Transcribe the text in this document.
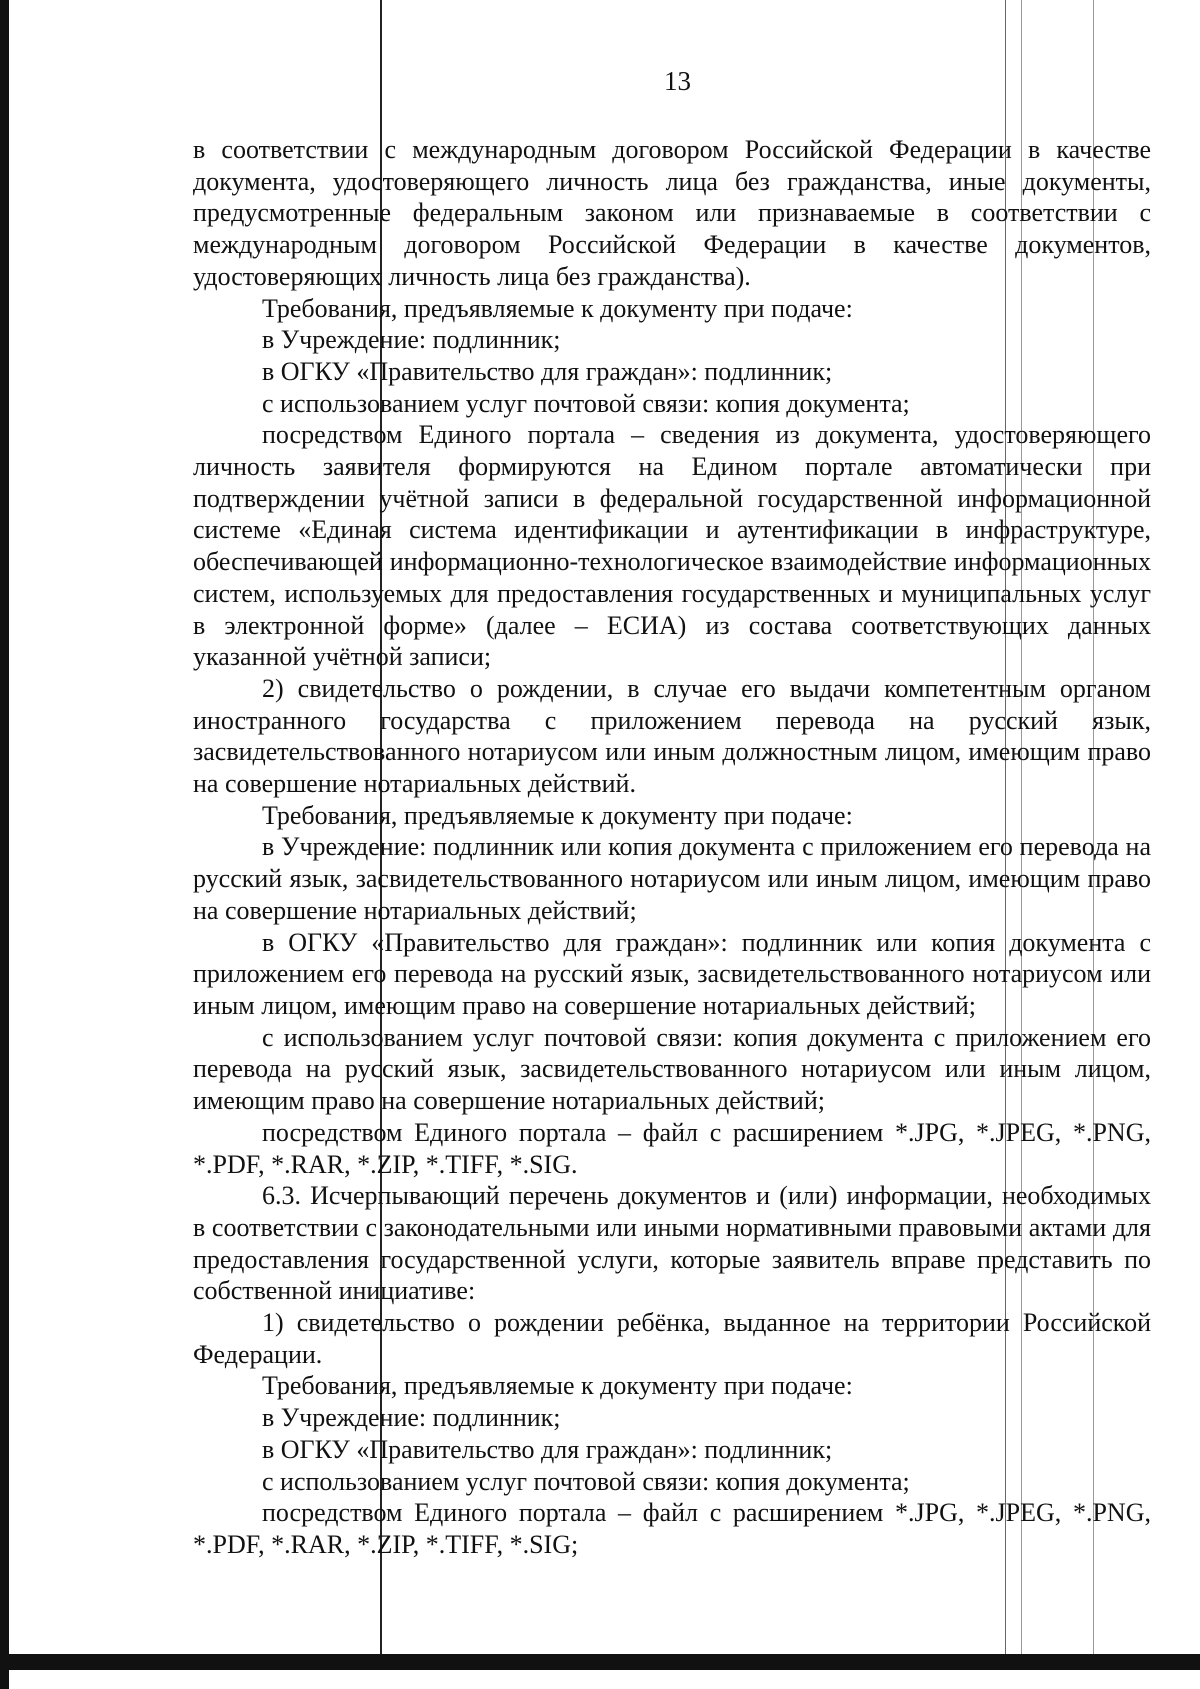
13

в соответствии с международным договором Российской Федерации в качестве документа, удостоверяющего личность лица без гражданства, иные документы, предусмотренные федеральным законом или признаваемые в соответствии с международным договором Российской Федерации в качестве документов, удостоверяющих личность лица без гражданства).

Требования, предъявляемые к документу при подаче:

в Учреждение: подлинник;

в ОГКУ «Правительство для граждан»: подлинник;

с использованием услуг почтовой связи: копия документа;

посредством Единого портала – сведения из документа, удостоверяющего личность заявителя формируются на Едином портале автоматически при подтверждении учётной записи в федеральной государственной информационной системе «Единая система идентификации и аутентификации в инфраструктуре, обеспечивающей информационно-технологическое взаимодействие информационных систем, используемых для предоставления государственных и муниципальных услуг в электронной форме» (далее – ЕСИА) из состава соответствующих данных указанной учётной записи;

2) свидетельство о рождении, в случае его выдачи компетентным органом иностранного государства с приложением перевода на русский язык, засвидетельствованного нотариусом или иным должностным лицом, имеющим право на совершение нотариальных действий.

Требования, предъявляемые к документу при подаче:

в Учреждение: подлинник или копия документа с приложением его перевода на русский язык, засвидетельствованного нотариусом или иным лицом, имеющим право на совершение нотариальных действий;

в ОГКУ «Правительство для граждан»: подлинник или копия документа с приложением его перевода на русский язык, засвидетельствованного нотариусом или иным лицом, имеющим право на совершение нотариальных действий;

с использованием услуг почтовой связи: копия документа с приложением его перевода на русский язык, засвидетельствованного нотариусом или иным лицом, имеющим право на совершение нотариальных действий;

посредством Единого портала – файл с расширением *.JPG, *.JPEG, *.PNG, *.PDF, *.RAR, *.ZIP, *.TIFF, *.SIG.

6.3. Исчерпывающий перечень документов и (или) информации, необходимых в соответствии с законодательными или иными нормативными правовыми актами для предоставления государственной услуги, которые заявитель вправе представить по собственной инициативе:

1) свидетельство о рождении ребёнка, выданное на территории Российской Федерации.

Требования, предъявляемые к документу при подаче:

в Учреждение: подлинник;

в ОГКУ «Правительство для граждан»: подлинник;

с использованием услуг почтовой связи: копия документа;

посредством Единого портала – файл с расширением *.JPG, *.JPEG, *.PNG, *.PDF, *.RAR, *.ZIP, *.TIFF, *.SIG;
